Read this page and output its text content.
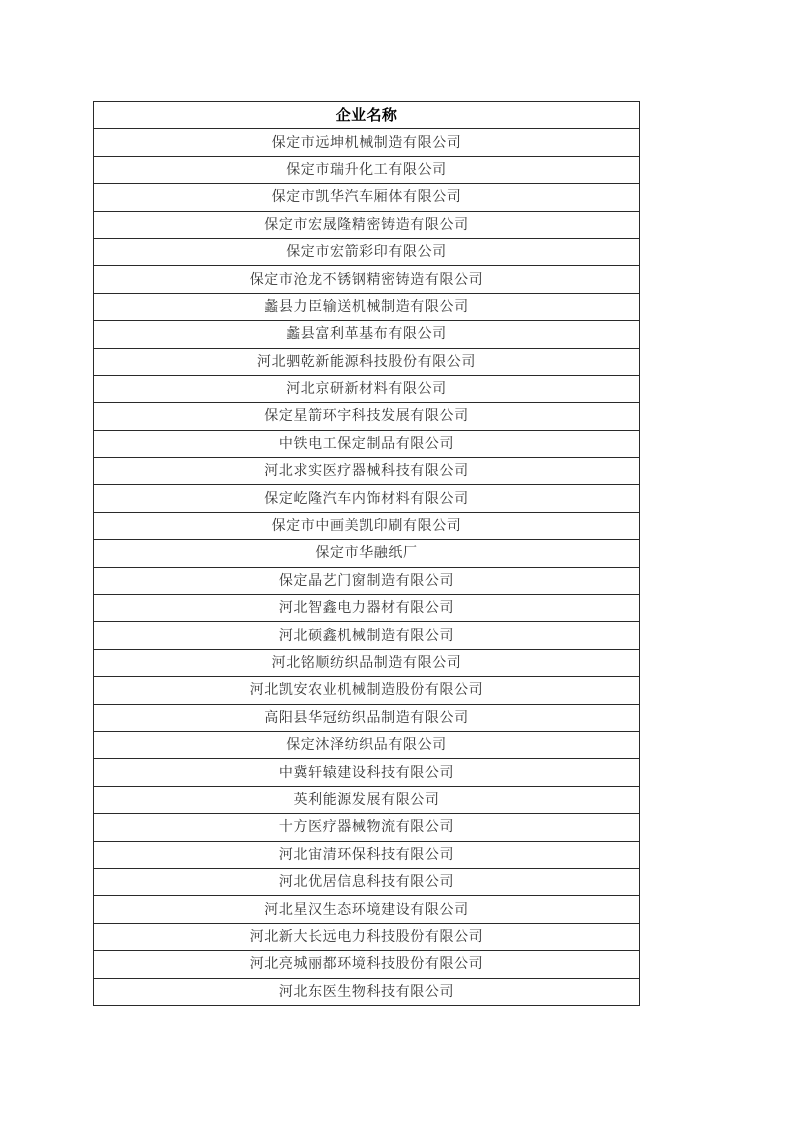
企业名称
保定市远坤机械制造有限公司
保定市瑞升化工有限公司
保定市凯华汽车厢体有限公司
保定市宏晟隆精密铸造有限公司
保定市宏箭彩印有限公司
保定市沧龙不锈钢精密铸造有限公司
蠡县力臣输送机械制造有限公司
蠡县富利革基布有限公司
河北驷乾新能源科技股份有限公司
河北京研新材料有限公司
保定星箭环宇科技发展有限公司
中铁电工保定制品有限公司
河北求实医疗器械科技有限公司
保定屹隆汽车内饰材料有限公司
保定市中画美凯印刷有限公司
保定市华融纸厂
保定晶艺门窗制造有限公司
河北智鑫电力器材有限公司
河北硕鑫机械制造有限公司
河北铭顺纺织品制造有限公司
河北凯安农业机械制造股份有限公司
高阳县华冠纺织品制造有限公司
保定沐泽纺织品有限公司
中冀轩辕建设科技有限公司
英利能源发展有限公司
十方医疗器械物流有限公司
河北宙清环保科技有限公司
河北优居信息科技有限公司
河北星汉生态环境建设有限公司
河北新大长远电力科技股份有限公司
河北亮城丽都环境科技股份有限公司
河北东医生物科技有限公司
